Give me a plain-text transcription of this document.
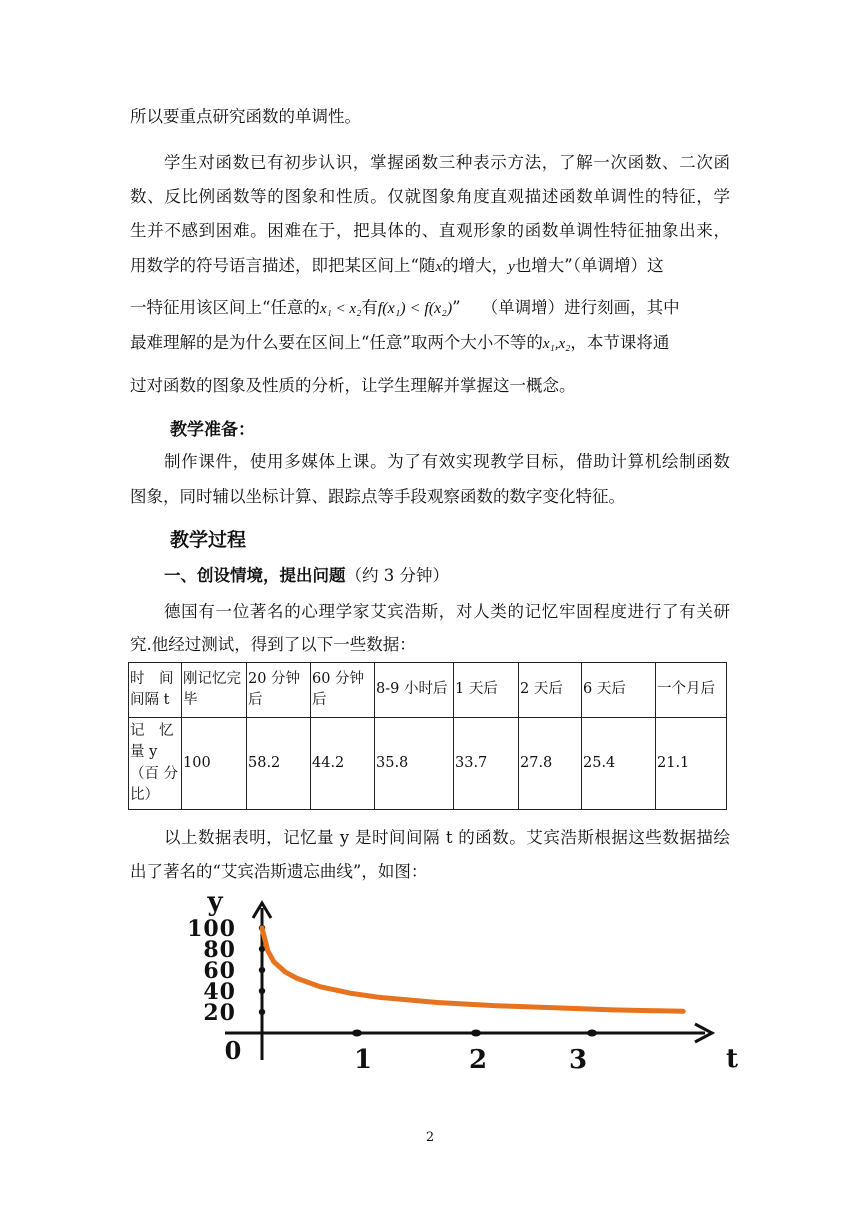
所以要重点研究函数的单调性。
学生对函数已有初步认识，掌握函数三种表示方法，了解一次函数、二次函
数、反比例函数等的图象和性质。仅就图象角度直观描述函数单调性的特征，学
生并不感到困难。困难在于，把具体的、直观形象的函数单调性特征抽象出来，
用数学的符号语言描述，即把某区间上“随x的增大，y也增大”（单调增）这
一特征用该区间上“任意的x₁ < x₂有f(x₁) < f(x₂)” （单调增）进行刻画，其中
最难理解的是为什么要在区间上“任意”取两个大小不等的x₁,x₂，本节课将通
过对函数的图象及性质的分析，让学生理解并掌握这一概念。
教学准备：
制作课件，使用多媒体上课。为了有效实现教学目标，借助计算机绘制函数
图象，同时辅以坐标计算、跟踪点等手段观察函数的数字变化特征。
教学过程
一、创设情境，提出问题（约 3 分钟）
德国有一位著名的心理学家艾宾浩斯，对人类的记忆牢固程度进行了有关研
究.他经过测试，得到了以下一些数据：
时　间间隔 t	刚记忆完毕	20 分钟后	60 分钟后	8-9 小时后	1 天后	2 天后	6 天后	一个月后
记　忆量 y（百 分比）	100	58.2	44.2	35.8	33.7	27.8	25.4	21.1
以上数据表明，记忆量 y 是时间间隔 t 的函数。艾宾浩斯根据这些数据描绘
出了著名的“艾宾浩斯遗忘曲线”，如图：
y
t
20
40
60
80
100
0	1	2	3
2
